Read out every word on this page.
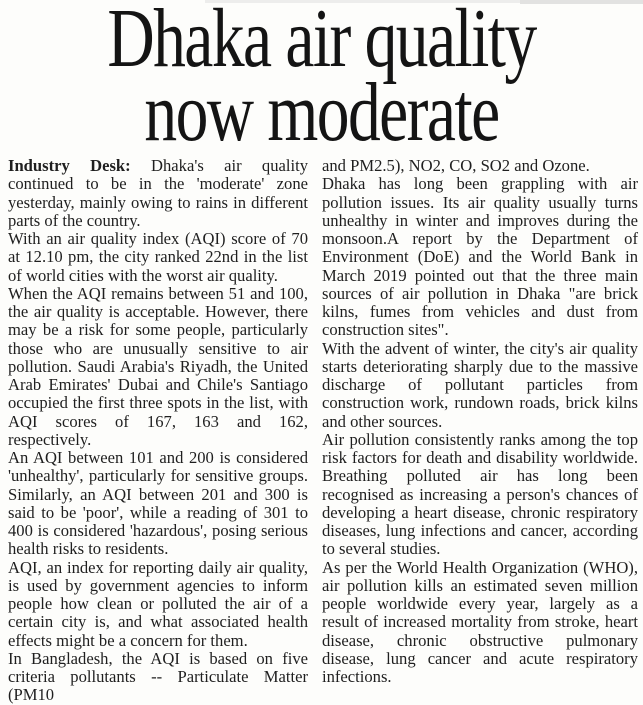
Dhaka air quality
now moderate

Industry Desk: Dhaka's air quality continued to be in the 'moderate' zone yesterday, mainly owing to rains in different parts of the country.

With an air quality index (AQI) score of 70 at 12.10 pm, the city ranked 22nd in the list of world cities with the worst air quality.

When the AQI remains between 51 and 100, the air quality is acceptable. However, there may be a risk for some people, particularly those who are unusually sensitive to air pollution. Saudi Arabia's Riyadh, the United Arab Emirates' Dubai and Chile's Santiago occupied the first three spots in the list, with AQI scores of 167, 163 and 162, respectively.

An AQI between 101 and 200 is considered 'unhealthy', particularly for sensitive groups. Similarly, an AQI between 201 and 300 is said to be 'poor', while a reading of 301 to 400 is considered 'hazardous', posing serious health risks to residents.

AQI, an index for reporting daily air quality, is used by government agencies to inform people how clean or polluted the air of a certain city is, and what associated health effects might be a concern for them.

In Bangladesh, the AQI is based on five criteria pollutants -- Particulate Matter (PM10

and PM2.5), NO2, CO, SO2 and Ozone.

Dhaka has long been grappling with air pollution issues. Its air quality usually turns unhealthy in winter and improves during the monsoon.A report by the Department of Environment (DoE) and the World Bank in March 2019 pointed out that the three main sources of air pollution in Dhaka "are brick kilns, fumes from vehicles and dust from construction sites".

With the advent of winter, the city's air quality starts deteriorating sharply due to the massive discharge of pollutant particles from construction work, rundown roads, brick kilns and other sources.

Air pollution consistently ranks among the top risk factors for death and disability worldwide. Breathing polluted air has long been recognised as increasing a person's chances of developing a heart disease, chronic respiratory diseases, lung infections and cancer, according to several studies.

As per the World Health Organization (WHO), air pollution kills an estimated seven million people worldwide every year, largely as a result of increased mortality from stroke, heart disease, chronic obstructive pulmonary disease, lung cancer and acute respiratory infections.
